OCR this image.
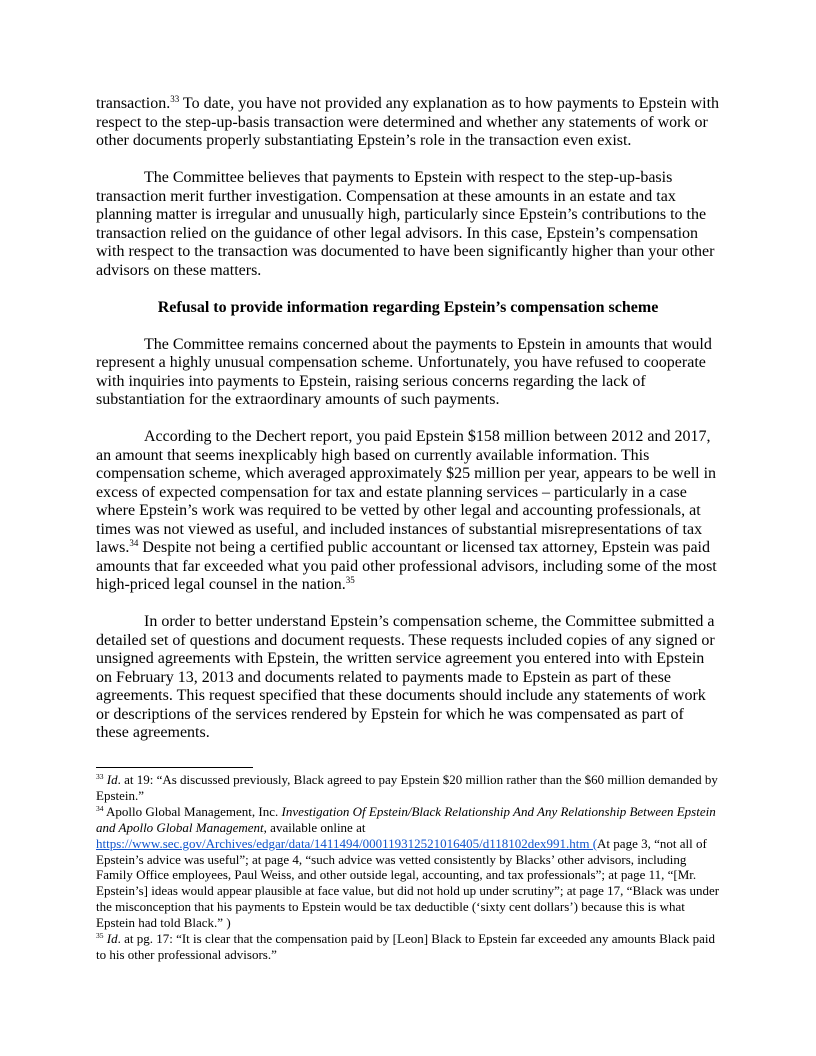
transaction.$^{33}$ To date, you have not provided any explanation as to how payments to Epstein with respect to the step-up-basis transaction were determined and whether any statements of work or other documents properly substantiating Epstein’s role in the transaction even exist.

The Committee believes that payments to Epstein with respect to the step-up-basis transaction merit further investigation. Compensation at these amounts in an estate and tax planning matter is irregular and unusually high, particularly since Epstein’s contributions to the transaction relied on the guidance of other legal advisors. In this case, Epstein’s compensation with respect to the transaction was documented to have been significantly higher than your other advisors on these matters.

Refusal to provide information regarding Epstein’s compensation scheme

The Committee remains concerned about the payments to Epstein in amounts that would represent a highly unusual compensation scheme. Unfortunately, you have refused to cooperate with inquiries into payments to Epstein, raising serious concerns regarding the lack of substantiation for the extraordinary amounts of such payments.

According to the Dechert report, you paid Epstein $158 million between 2012 and 2017, an amount that seems inexplicably high based on currently available information. This compensation scheme, which averaged approximately $25 million per year, appears to be well in excess of expected compensation for tax and estate planning services – particularly in a case where Epstein’s work was required to be vetted by other legal and accounting professionals, at times was not viewed as useful, and included instances of substantial misrepresentations of tax laws.$^{34}$ Despite not being a certified public accountant or licensed tax attorney, Epstein was paid amounts that far exceeded what you paid other professional advisors, including some of the most high-priced legal counsel in the nation.$^{35}$

In order to better understand Epstein’s compensation scheme, the Committee submitted a detailed set of questions and document requests. These requests included copies of any signed or unsigned agreements with Epstein, the written service agreement you entered into with Epstein on February 13, 2013 and documents related to payments made to Epstein as part of these agreements. This request specified that these documents should include any statements of work or descriptions of the services rendered by Epstein for which he was compensated as part of these agreements.

$^{33}$ Id. at 19: “As discussed previously, Black agreed to pay Epstein $20 million rather than the $60 million demanded by Epstein.”

$^{34}$ Apollo Global Management, Inc. Investigation Of Epstein/Black Relationship And Any Relationship Between Epstein and Apollo Global Management, available online at
https://www.sec.gov/Archives/edgar/data/1411494/000119312521016405/d118102dex991.htm (At page 3, “not all of Epstein’s advice was useful”; at page 4, “such advice was vetted consistently by Blacks’ other advisors, including Family Office employees, Paul Weiss, and other outside legal, accounting, and tax professionals”; at page 11, “[Mr. Epstein’s] ideas would appear plausible at face value, but did not hold up under scrutiny”; at page 17, “Black was under the misconception that his payments to Epstein would be tax deductible (‘sixty cent dollars’) because this is what Epstein had told Black.” )

$^{35}$ Id. at pg. 17: “It is clear that the compensation paid by [Leon] Black to Epstein far exceeded any amounts Black paid to his other professional advisors.”
